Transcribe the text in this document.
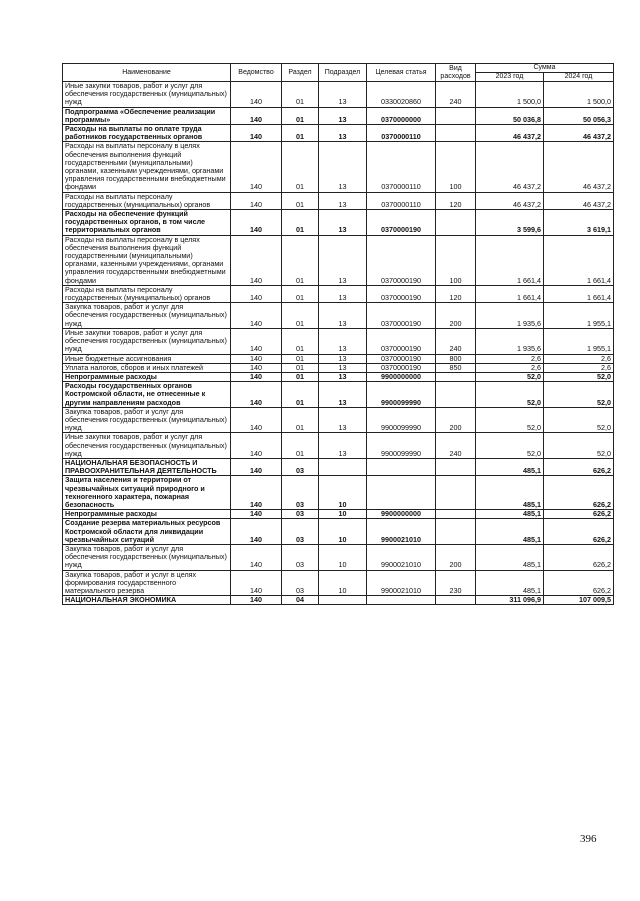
Наименование	Ведомство	Раздел	Подраздел	Целевая статья	Вид расходов	Сумма	
						2023 год	2024 год
Иные закупки товаров, работ и услуг для обеспечения государственных (муниципальных) нужд	140	01	13	0330020860	240	1 500,0	1 500,0
Подпрограмма «Обеспечение реализации программы»	140	01	13	0370000000		50 036,8	50 056,3
Расходы на выплаты по оплате труда работников государственных органов	140	01	13	0370000110		46 437,2	46 437,2
Расходы на выплаты персоналу в целях обеспечения выполнения функций государственными (муниципальными) органами, казенными учреждениями, органами управления государственными внебюджетными фондами	140	01	13	0370000110	100	46 437,2	46 437,2
Расходы на выплаты персоналу государственных (муниципальных) органов	140	01	13	0370000110	120	46 437,2	46 437,2
Расходы на обеспечение функций государственных органов, в том числе территориальных органов	140	01	13	0370000190		3 599,6	3 619,1
Расходы на выплаты персоналу в целях обеспечения выполнения функций государственными (муниципальными) органами, казенными учреждениями, органами управления государственными внебюджетными фондами	140	01	13	0370000190	100	1 661,4	1 661,4
Расходы на выплаты персоналу государственных (муниципальных) органов	140	01	13	0370000190	120	1 661,4	1 661,4
Закупка товаров, работ и услуг для обеспечения государственных (муниципальных) нужд	140	01	13	0370000190	200	1 935,6	1 955,1
Иные закупки товаров, работ и услуг для обеспечения государственных (муниципальных) нужд	140	01	13	0370000190	240	1 935,6	1 955,1
Иные бюджетные ассигнования	140	01	13	0370000190	800	2,6	2,6
Уплата налогов, сборов и иных платежей	140	01	13	0370000190	850	2,6	2,6
Непрограммные расходы	140	01	13	9900000000		52,0	52,0
Расходы государственных органов Костромской области, не отнесенные к другим направлениям расходов	140	01	13	9900099990		52,0	52,0
Закупка товаров, работ и услуг для обеспечения государственных (муниципальных) нужд	140	01	13	9900099990	200	52,0	52,0
Иные закупки товаров, работ и услуг для обеспечения государственных (муниципальных) нужд	140	01	13	9900099990	240	52,0	52,0
НАЦИОНАЛЬНАЯ БЕЗОПАСНОСТЬ И ПРАВООХРАНИТЕЛЬНАЯ ДЕЯТЕЛЬНОСТЬ	140	03				485,1	626,2
Защита населения и территории от чрезвычайных ситуаций природного и техногенного характера, пожарная безопасность	140	03	10			485,1	626,2
Непрограммные расходы	140	03	10	9900000000		485,1	626,2
Создание резерва материальных ресурсов Костромской области для ликвидации чрезвычайных ситуаций	140	03	10	9900021010		485,1	626,2
Закупка товаров, работ и услуг для обеспечения государственных (муниципальных) нужд	140	03	10	9900021010	200	485,1	626,2
Закупка товаров, работ и услуг в целях формирования государственного материального резерва	140	03	10	9900021010	230	485,1	626,2
НАЦИОНАЛЬНАЯ ЭКОНОМИКА	140	04				311 096,9	107 009,5
396
